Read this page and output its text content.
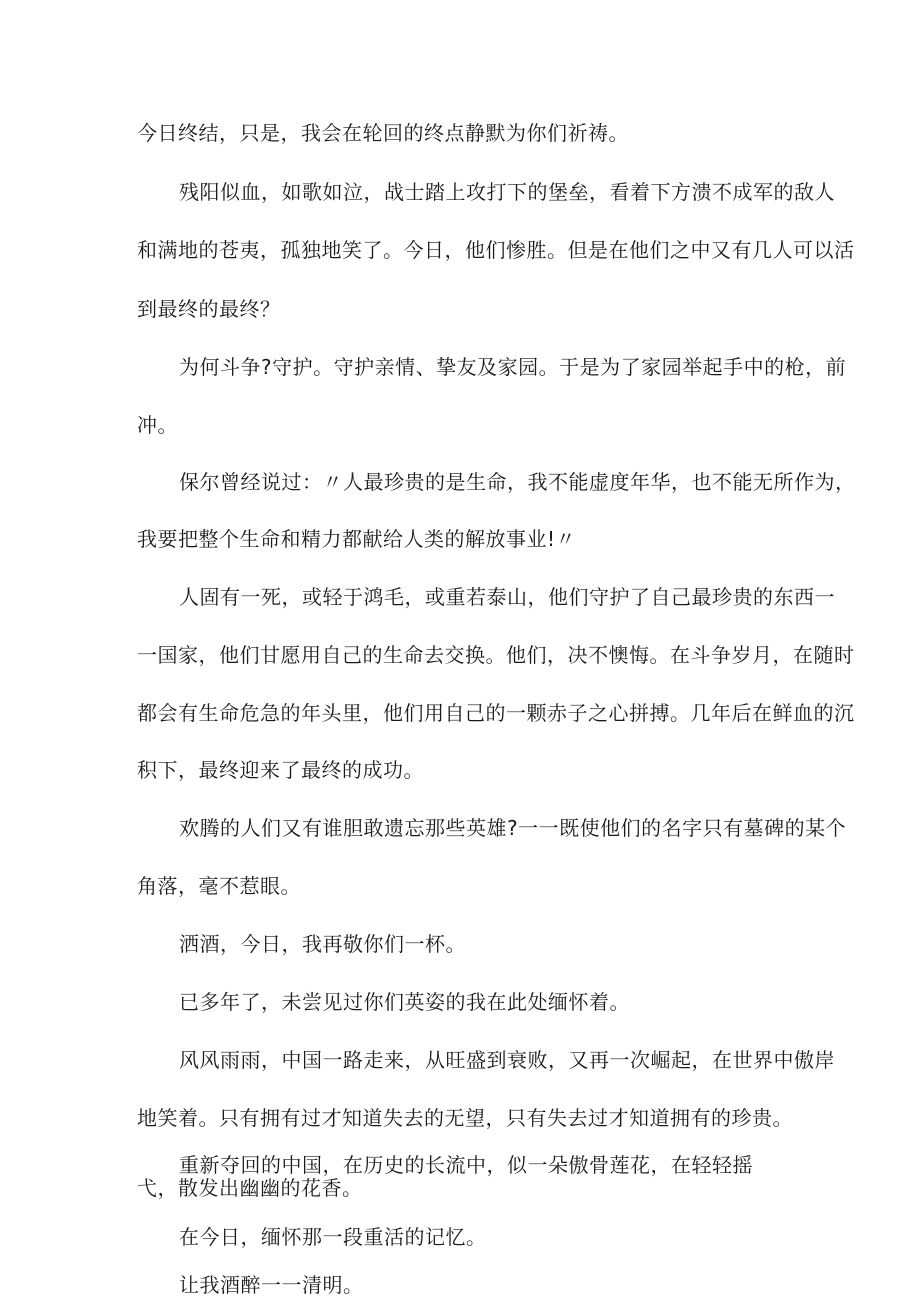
今日终结，只是，我会在轮回的终点静默为你们祈祷。

残阳似血，如歌如泣，战士踏上攻打下的堡垒，看着下方溃不成军的敌人

和满地的苍夷，孤独地笑了。今日，他们惨胜。但是在他们之中又有几人可以活

到最终的最终？

为何斗争?守护。守护亲情、挚友及家园。于是为了家园举起手中的枪，前

冲。

保尔曾经说过：〃人最珍贵的是生命，我不能虚度年华，也不能无所作为，

我要把整个生命和精力都献给人类的解放事业!〃

人固有一死，或轻于鸿毛，或重若泰山，他们守护了自己最珍贵的东西一

一国家，他们甘愿用自己的生命去交换。他们，决不懊悔。在斗争岁月，在随时

都会有生命危急的年头里，他们用自己的一颗赤子之心拼搏。几年后在鲜血的沉

积下，最终迎来了最终的成功。

欢腾的人们又有谁胆敢遗忘那些英雄?一一既使他们的名字只有墓碑的某个

角落，毫不惹眼。

洒酒，今日，我再敬你们一杯。

已多年了，未尝见过你们英姿的我在此处缅怀着。

风风雨雨，中国一路走来，从旺盛到衰败，又再一次崛起，在世界中傲岸

地笑着。只有拥有过才知道失去的无望，只有失去过才知道拥有的珍贵。

重新夺回的中国，在历史的长流中，似一朵傲骨莲花，在轻轻摇

弋，散发出幽幽的花香。

在今日，缅怀那一段重活的记忆。

让我酒醉一一清明。
